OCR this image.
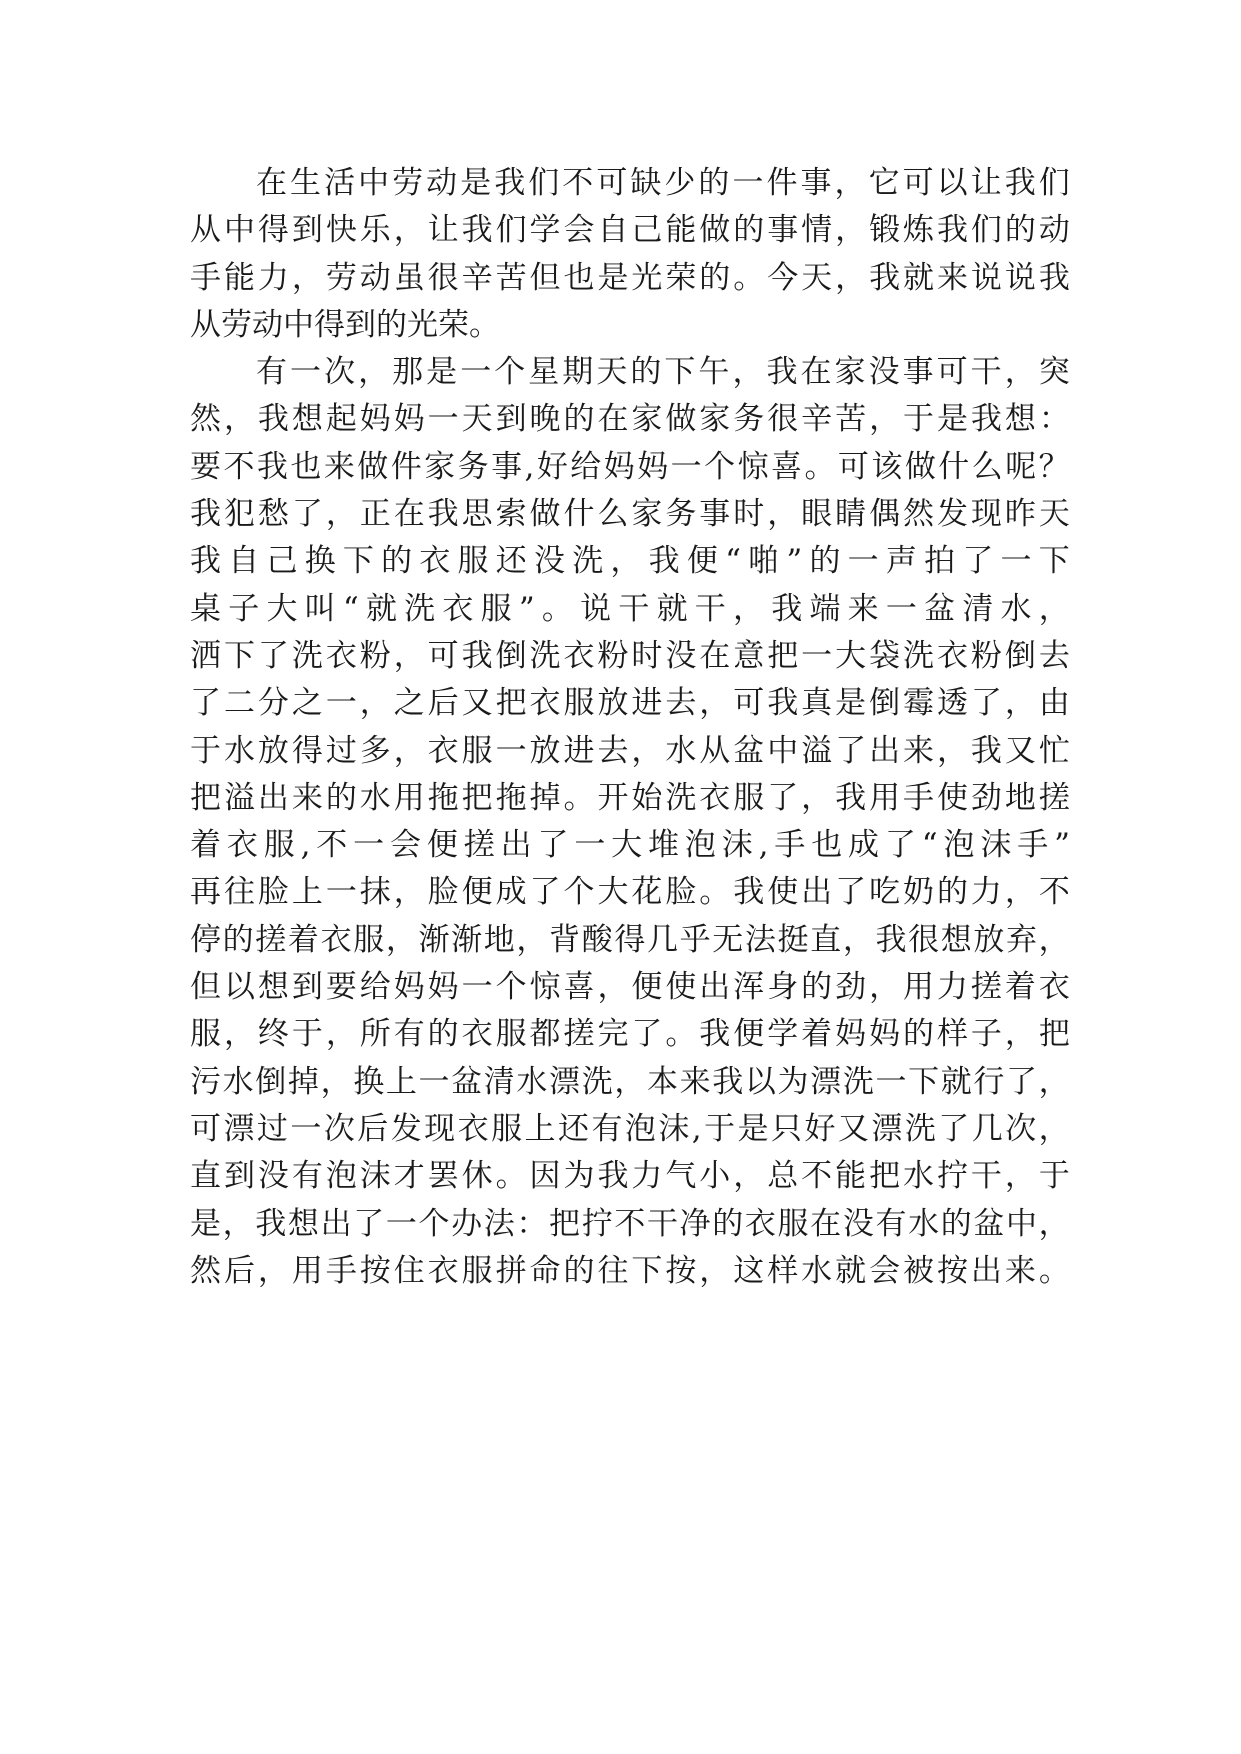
在 生 活 中 劳 动 是 我 们 不 可 缺 少 的 一 件 事 ， 它 可 以 让 我 们
从 中 得 到 快 乐 ， 让 我 们 学 会 自 己 能 做 的 事 情 ， 锻 炼 我 们 的 动
手 能 力 ， 劳 动 虽 很 辛 苦 但 也 是 光 荣 的 。 今 天 ， 我 就 来 说 说 我
从劳动中得到的光荣。
有 一 次 ， 那 是 一 个 星 期 天 的 下 午 ， 我 在 家 没 事 可 干 ， 突
然 ， 我 想 起 妈 妈 一 天 到 晚 的 在 家 做 家 务 很 辛 苦 ， 于 是 我 想 ：
要 不 我 也 来 做 件 家 务 事 , 好 给 妈 妈 一 个 惊 喜 。 可 该 做 什 么 呢 ？
我 犯 愁 了 ， 正 在 我 思 索 做 什 么 家 务 事 时 ， 眼 睛 偶 然 发 现 昨 天
我 自 己 换 下 的 衣 服 还 没 洗 ， 我 便 “ 啪 ” 的 一 声 拍 了 一 下
桌 子 大 叫 “ 就 洗 衣 服 ” 。 说 干 就 干 ， 我 端 来 一 盆 清 水 ，
洒 下 了 洗 衣 粉 ， 可 我 倒 洗 衣 粉 时 没 在 意 把 一 大 袋 洗 衣 粉 倒 去
了 二 分 之 一 ， 之 后 又 把 衣 服 放 进 去 ， 可 我 真 是 倒 霉 透 了 ， 由
于 水 放 得 过 多 ， 衣 服 一 放 进 去 ， 水 从 盆 中 溢 了 出 来 ， 我 又 忙
把 溢 出 来 的 水 用 拖 把 拖 掉 。 开 始 洗 衣 服 了 ， 我 用 手 使 劲 地 搓
着 衣 服 , 不 一 会 便 搓 出 了 一 大 堆 泡 沫 , 手 也 成 了 “ 泡 沫 手 ”
再 往 脸 上 一 抹 ， 脸 便 成 了 个 大 花 脸 。 我 使 出 了 吃 奶 的 力 ， 不
停 的 搓 着 衣 服 ， 渐 渐 地 ， 背 酸 得 几 乎 无 法 挺 直 ， 我 很 想 放 弃 ，
但 以 想 到 要 给 妈 妈 一 个 惊 喜 ， 便 使 出 浑 身 的 劲 ， 用 力 搓 着 衣
服 ， 终 于 ， 所 有 的 衣 服 都 搓 完 了 。 我 便 学 着 妈 妈 的 样 子 ， 把
污 水 倒 掉 ， 换 上 一 盆 清 水 漂 洗 ， 本 来 我 以 为 漂 洗 一 下 就 行 了 ，
可 漂 过 一 次 后 发 现 衣 服 上 还 有 泡 沫 , 于 是 只 好 又 漂 洗 了 几 次 ，
直 到 没 有 泡 沫 才 罢 休 。 因 为 我 力 气 小 ， 总 不 能 把 水 拧 干 ， 于
是 ， 我 想 出 了 一 个 办 法 ： 把 拧 不 干 净 的 衣 服 在 没 有 水 的 盆 中 ，
然 后 ， 用 手 按 住 衣 服 拼 命 的 往 下 按 ， 这 样 水 就 会 被 按 出 来 。
